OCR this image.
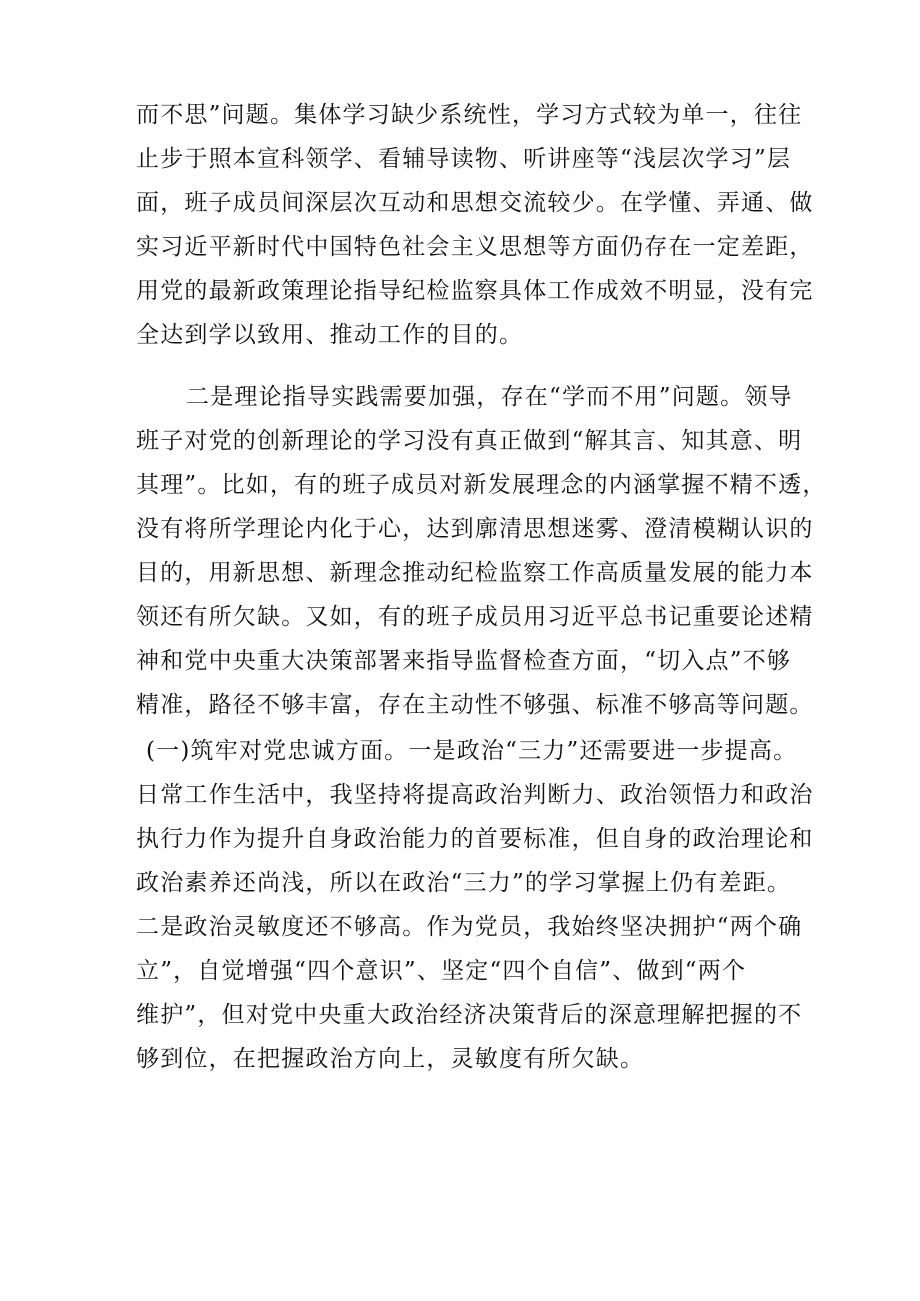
而不思”问题。集体学习缺少系统性，学习方式较为单一，往往
止步于照本宣科领学、看辅导读物、听讲座等“浅层次学习”层
面，班子成员间深层次互动和思想交流较少。在学懂、弄通、做
实习近平新时代中国特色社会主义思想等方面仍存在一定差距，
用党的最新政策理论指导纪检监察具体工作成效不明显，没有完
全达到学以致用、推动工作的目的。
二是理论指导实践需要加强，存在“学而不用”问题。领导
班子对党的创新理论的学习没有真正做到“解其言、知其意、明
其理”。比如，有的班子成员对新发展理念的内涵掌握不精不透，
没有将所学理论内化于心，达到廓清思想迷雾、澄清模糊认识的
目的，用新思想、新理念推动纪检监察工作高质量发展的能力本
领还有所欠缺。又如，有的班子成员用习近平总书记重要论述精
神和党中央重大决策部署来指导监督检查方面，“切入点”不够
精准，路径不够丰富，存在主动性不够强、标准不够高等问题。
(一)筑牢对党忠诚方面。一是政治“三力”还需要进一步提高。
日常工作生活中，我坚持将提高政治判断力、政治领悟力和政治
执行力作为提升自身政治能力的首要标准，但自身的政治理论和
政治素养还尚浅，所以在政治“三力”的学习掌握上仍有差距。
二是政治灵敏度还不够高。作为党员，我始终坚决拥护“两个确
立”，自觉增强“四个意识”、坚定“四个自信”、做到“两个
维护”，但对党中央重大政治经济决策背后的深意理解把握的不
够到位，在把握政治方向上，灵敏度有所欠缺。
